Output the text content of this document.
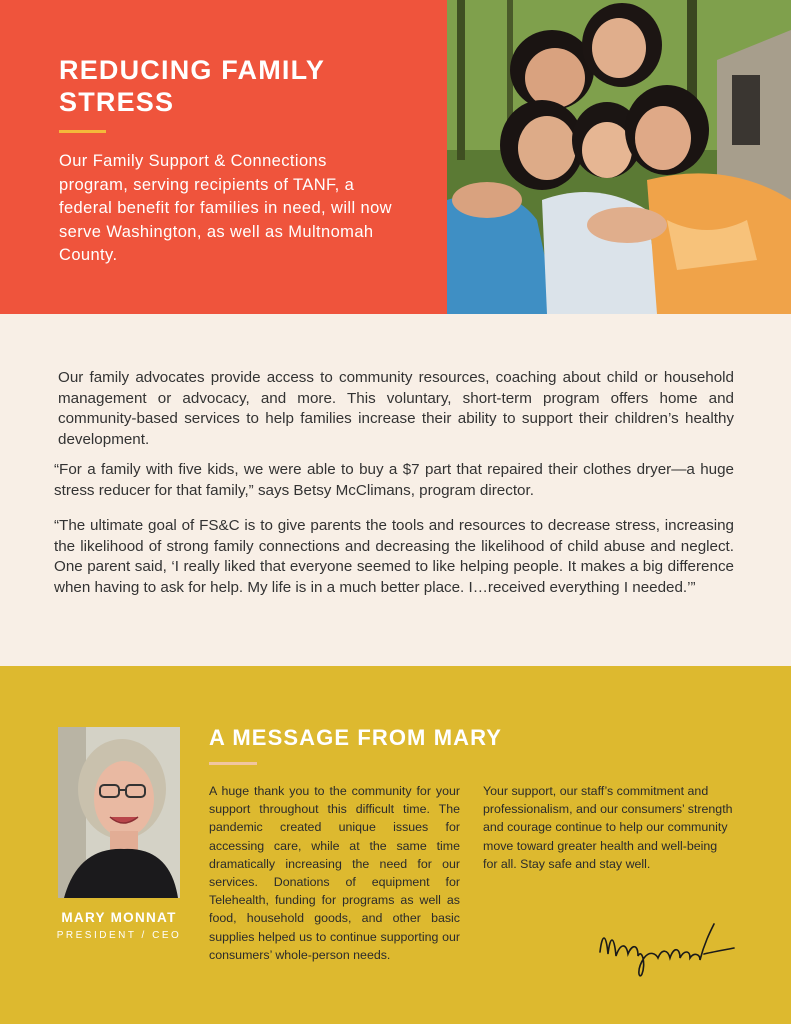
REDUCING FAMILY STRESS

Our Family Support & Connections program, serving recipients of TANF, a federal benefit for families in need, will now serve Washington, as well as Multnomah County.

Our family advocates provide access to community resources, coaching about child or household management or advocacy, and more. This voluntary, short-term program offers home and community-based services to help families increase their ability to support their children’s healthy development.

“For a family with five kids, we were able to buy a $7 part that repaired their clothes dryer—a huge stress reducer for that family,” says Betsy McClimans, program director.

“The ultimate goal of FS&C is to give parents the tools and resources to decrease stress, increasing the likelihood of strong family connections and decreasing the likelihood of child abuse and neglect. One parent said, ‘I really liked that everyone seemed to like helping people. It makes a big difference when having to ask for help. My life is in a much better place. I…received everything I needed.’”

MARY MONNAT
PRESIDENT / CEO
A MESSAGE FROM MARY

A huge thank you to the community for your support throughout this difficult time. The pandemic created unique issues for accessing care, while at the same time dramatically increasing the need for our services. Donations of equipment for Telehealth, funding for programs as well as food, household goods, and other basic supplies helped us to continue supporting our consumers’ whole-person needs.

Your support, our staff’s commitment and professionalism, and our consumers’ strength and courage continue to help our community move toward greater health and well-being for all. Stay safe and stay well.
